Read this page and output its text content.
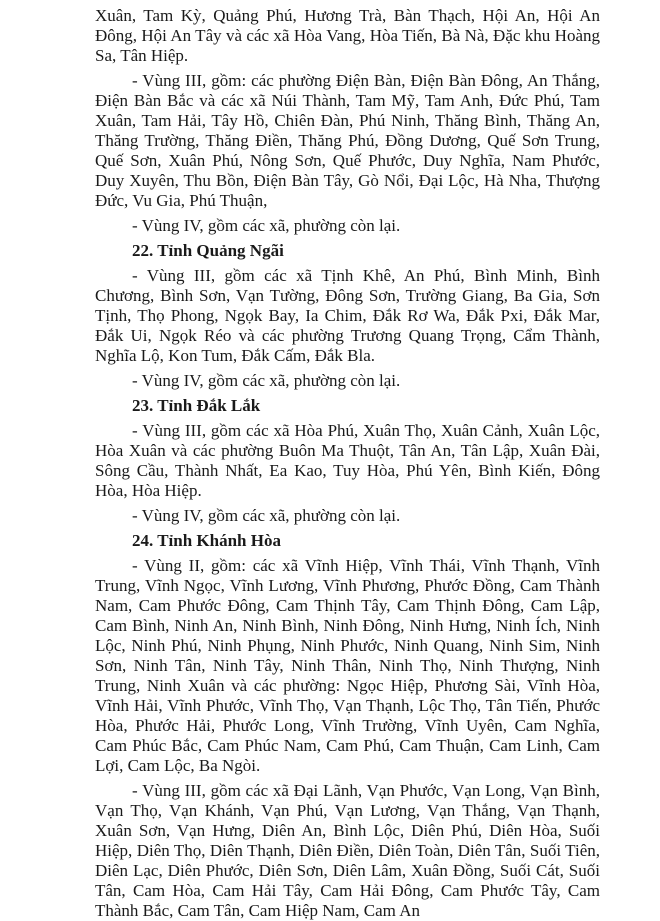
Xuân, Tam Kỳ, Quảng Phú, Hương Trà, Bàn Thạch, Hội An, Hội An Đông, Hội An Tây và các xã Hòa Vang, Hòa Tiến, Bà Nà, Đặc khu Hoàng Sa, Tân Hiệp.

- Vùng III, gồm: các phường Điện Bàn, Điện Bàn Đông, An Thắng, Điện Bàn Bắc và các xã Núi Thành, Tam Mỹ, Tam Anh, Đức Phú, Tam Xuân, Tam Hải, Tây Hồ, Chiên Đàn, Phú Ninh, Thăng Bình, Thăng An, Thăng Trường, Thăng Điền, Thăng Phú, Đồng Dương, Quế Sơn Trung, Quế Sơn, Xuân Phú, Nông Sơn, Quế Phước, Duy Nghĩa, Nam Phước, Duy Xuyên, Thu Bồn, Điện Bàn Tây, Gò Nổi, Đại Lộc, Hà Nha, Thượng Đức, Vu Gia, Phú Thuận,

- Vùng IV, gồm các xã, phường còn lại.

22. Tỉnh Quảng Ngãi

- Vùng III, gồm các xã Tịnh Khê, An Phú, Bình Minh, Bình Chương, Bình Sơn, Vạn Tường, Đông Sơn, Trường Giang, Ba Gia, Sơn Tịnh, Thọ Phong, Ngọk Bay, Ia Chim, Đắk Rơ Wa, Đắk Pxi, Đắk Mar, Đắk Ui, Ngọk Réo và các phường Trương Quang Trọng, Cẩm Thành, Nghĩa Lộ, Kon Tum, Đắk Cấm, Đắk Bla.

- Vùng IV, gồm các xã, phường còn lại.

23. Tỉnh Đắk Lắk

- Vùng III, gồm các xã Hòa Phú, Xuân Thọ, Xuân Cảnh, Xuân Lộc, Hòa Xuân và các phường Buôn Ma Thuột, Tân An, Tân Lập, Xuân Đài, Sông Cầu, Thành Nhất, Ea Kao, Tuy Hòa, Phú Yên, Bình Kiến, Đông Hòa, Hòa Hiệp.

- Vùng IV, gồm các xã, phường còn lại.

24. Tỉnh Khánh Hòa

- Vùng II, gồm: các xã Vĩnh Hiệp, Vĩnh Thái, Vĩnh Thạnh, Vĩnh Trung, Vĩnh Ngọc, Vĩnh Lương, Vĩnh Phương, Phước Đồng, Cam Thành Nam, Cam Phước Đông, Cam Thịnh Tây, Cam Thịnh Đông, Cam Lập, Cam Bình, Ninh An, Ninh Bình, Ninh Đông, Ninh Hưng, Ninh Ích, Ninh Lộc, Ninh Phú, Ninh Phụng, Ninh Phước, Ninh Quang, Ninh Sim, Ninh Sơn, Ninh Tân, Ninh Tây, Ninh Thân, Ninh Thọ, Ninh Thượng, Ninh Trung, Ninh Xuân và các phường: Ngọc Hiệp, Phương Sài, Vĩnh Hòa, Vĩnh Hải, Vĩnh Phước, Vĩnh Thọ, Vạn Thạnh, Lộc Thọ, Tân Tiến, Phước Hòa, Phước Hải, Phước Long, Vĩnh Trường, Vĩnh Uyên, Cam Nghĩa, Cam Phúc Bắc, Cam Phúc Nam, Cam Phú, Cam Thuận, Cam Linh, Cam Lợi, Cam Lộc, Ba Ngòi.

- Vùng III, gồm các xã Đại Lãnh, Vạn Phước, Vạn Long, Vạn Bình, Vạn Thọ, Vạn Khánh, Vạn Phú, Vạn Lương, Vạn Thắng, Vạn Thạnh, Xuân Sơn, Vạn Hưng, Diên An, Bình Lộc, Diên Phú, Diên Hòa, Suối Hiệp, Diên Thọ, Diên Thạnh, Diên Điền, Diên Toàn, Diên Tân, Suối Tiên, Diên Lạc, Diên Phước, Diên Sơn, Diên Lâm, Xuân Đồng, Suối Cát, Suối Tân, Cam Hòa, Cam Hải Tây, Cam Hải Đông, Cam Phước Tây, Cam Thành Bắc, Cam Tân, Cam Hiệp Nam, Cam An
